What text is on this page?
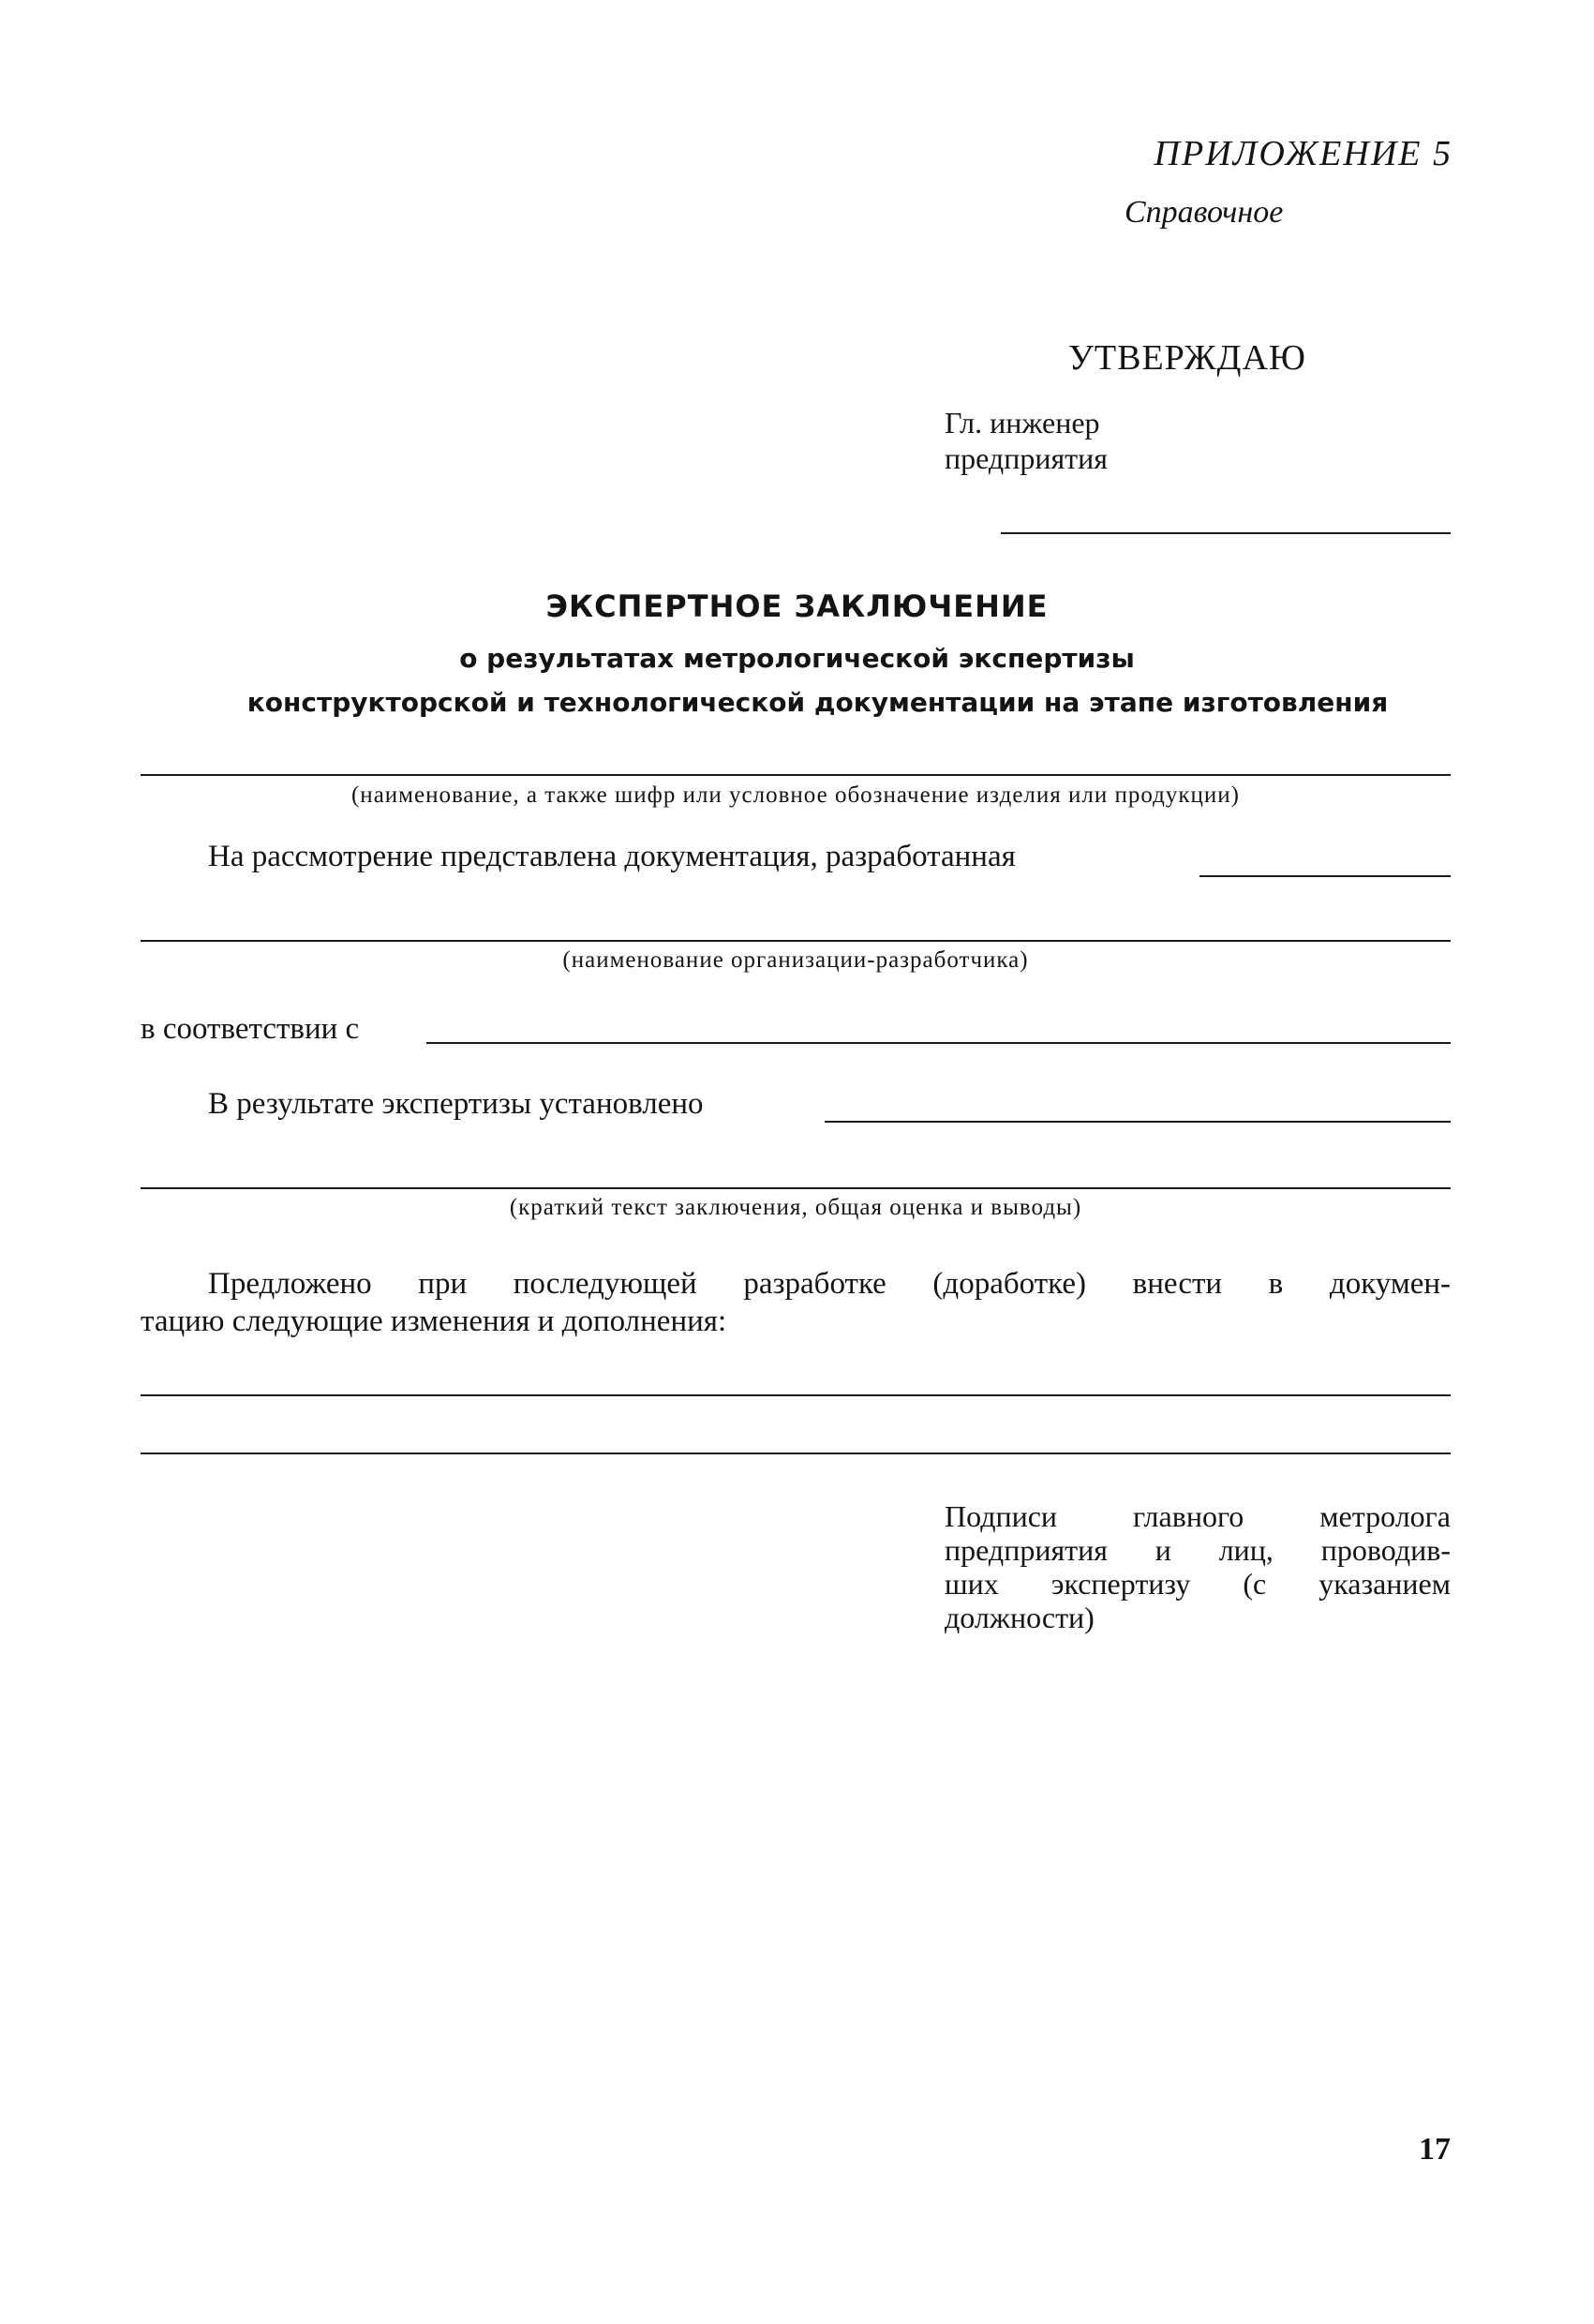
ПРИЛОЖЕНИЕ 5
Справочное
УТВЕРЖДАЮ
Гл. инженер
предприятия
ЭКСПЕРТНОЕ ЗАКЛЮЧЕНИЕ
о результатах метрологической экспертизы
конструкторской и технологической документации на этапе изготовления
(наименование, а также шифр или условное обозначение изделия или продукции)
На рассмотрение представлена документация, разработанная
(наименование организации-разработчика)
в соответствии с
В результате экспертизы установлено
(краткий текст заключения, общая оценка и выводы)
Предложено при последующей разработке (доработке) внести в докумен-
тацию следующие изменения и дополнения:
Подписи главного метролога
предприятия и лиц, проводив-
ших экспертизу (с указанием
должности)
17
